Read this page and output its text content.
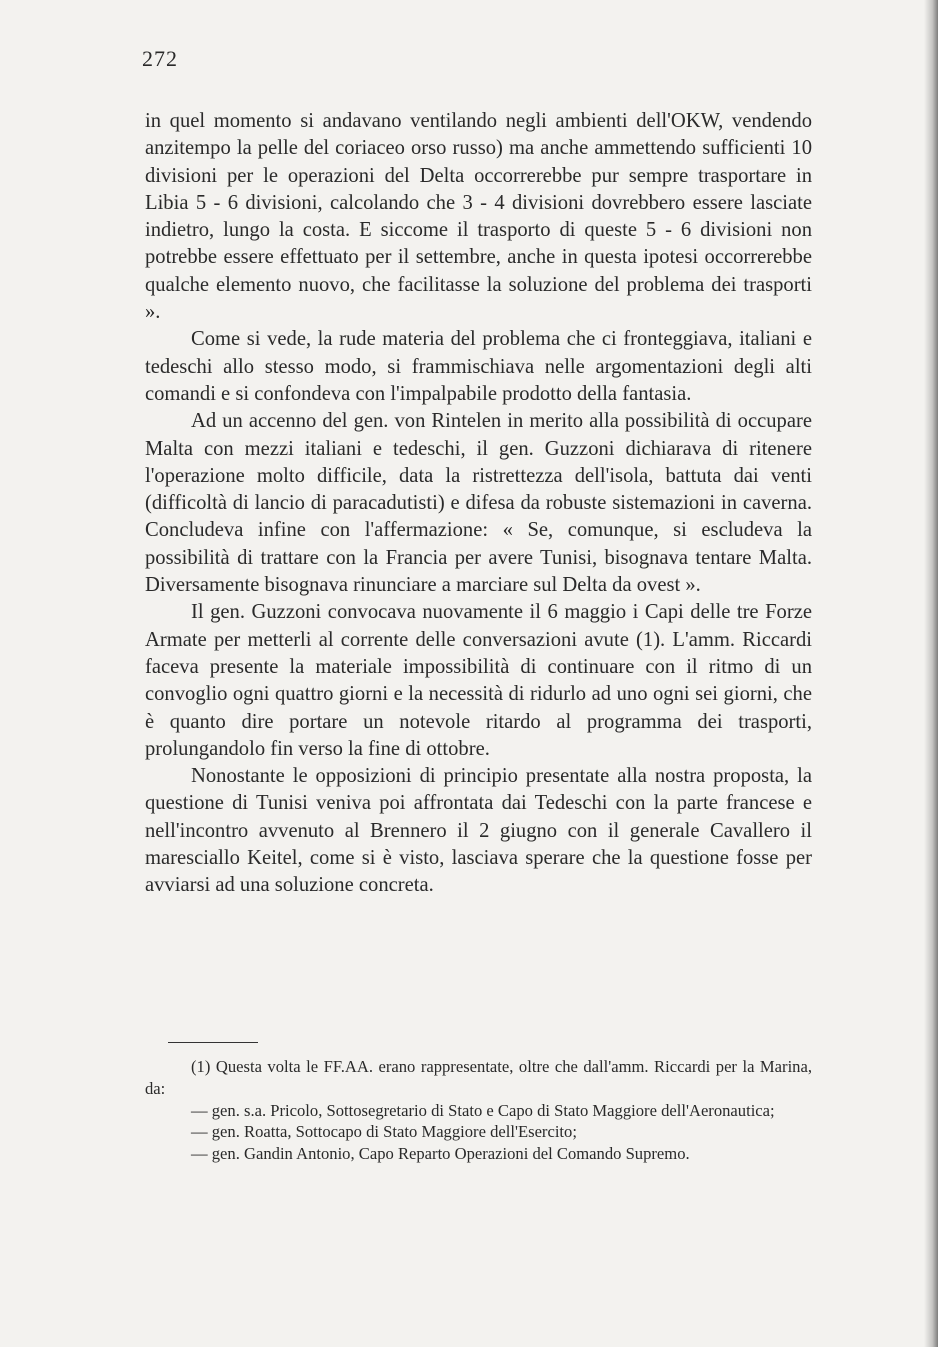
272

in quel momento si andavano ventilando negli ambienti dell'OKW, vendendo anzitempo la pelle del coriaceo orso russo) ma anche ammettendo sufficienti 10 divisioni per le operazioni del Delta occorrerebbe pur sempre trasportare in Libia 5 - 6 divisioni, calcolando che 3 - 4 divisioni dovrebbero essere lasciate indietro, lungo la costa. E siccome il trasporto di queste 5 - 6 divisioni non potrebbe essere effettuato per il settembre, anche in questa ipotesi occorrerebbe qualche elemento nuovo, che facilitasse la soluzione del problema dei trasporti ».

Come si vede, la rude materia del problema che ci fronteggiava, italiani e tedeschi allo stesso modo, si frammischiava nelle argomentazioni degli alti comandi e si confondeva con l'impalpabile prodotto della fantasia.

Ad un accenno del gen. von Rintelen in merito alla possibilità di occupare Malta con mezzi italiani e tedeschi, il gen. Guzzoni dichiarava di ritenere l'operazione molto difficile, data la ristrettezza dell'isola, battuta dai venti (difficoltà di lancio di paracadutisti) e difesa da robuste sistemazioni in caverna. Concludeva infine con l'affermazione: « Se, comunque, si escludeva la possibilità di trattare con la Francia per avere Tunisi, bisognava tentare Malta. Diversamente bisognava rinunciare a marciare sul Delta da ovest ».

Il gen. Guzzoni convocava nuovamente il 6 maggio i Capi delle tre Forze Armate per metterli al corrente delle conversazioni avute (1). L'amm. Riccardi faceva presente la materiale impossibilità di continuare con il ritmo di un convoglio ogni quattro giorni e la necessità di ridurlo ad uno ogni sei giorni, che è quanto dire portare un notevole ritardo al programma dei trasporti, prolungandolo fin verso la fine di ottobre.

Nonostante le opposizioni di principio presentate alla nostra proposta, la questione di Tunisi veniva poi affrontata dai Tedeschi con la parte francese e nell'incontro avvenuto al Brennero il 2 giugno con il generale Cavallero il maresciallo Keitel, come si è visto, lasciava sperare che la questione fosse per avviarsi ad una soluzione concreta.

(1) Questa volta le FF.AA. erano rappresentate, oltre che dall'amm. Riccardi per la Marina, da:

— gen. s.a. Pricolo, Sottosegretario di Stato e Capo di Stato Maggiore dell'Aeronautica;

— gen. Roatta, Sottocapo di Stato Maggiore dell'Esercito;

— gen. Gandin Antonio, Capo Reparto Operazioni del Comando Supremo.
